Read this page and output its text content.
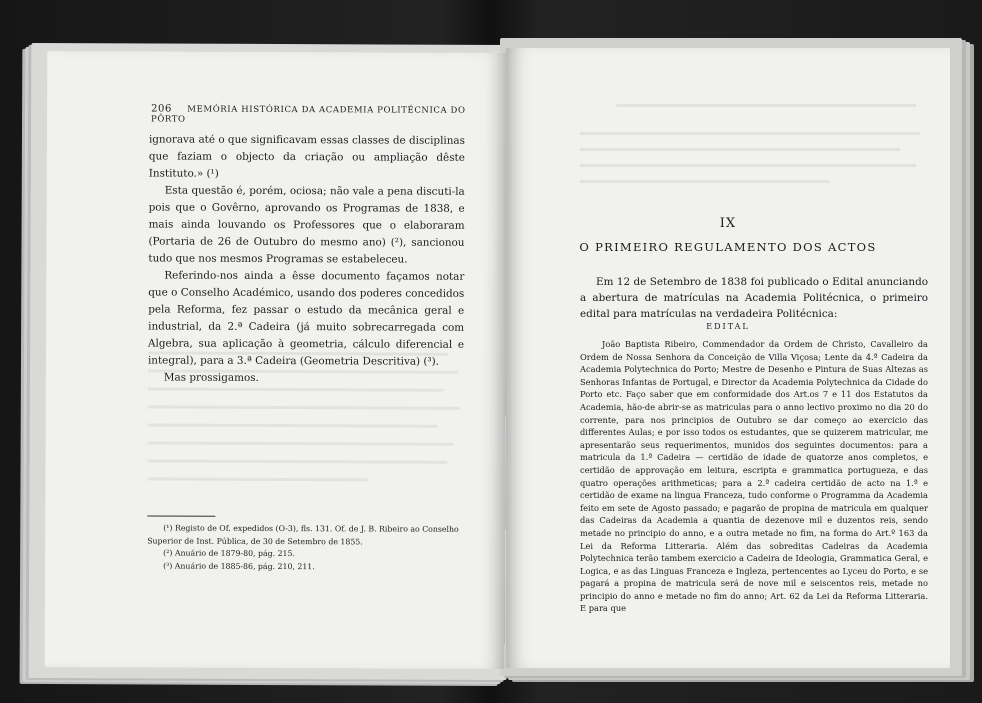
206 MEMÓRIA HISTÓRICA DA ACADEMIA POLITÉCNICA DO PÔRTO

ignorava até o que significavam essas classes de disciplinas que faziam o objecto da criação ou ampliação dêste Instituto.» (¹)

Esta questão é, porém, ociosa; não vale a pena discuti-la pois que o Govêrno, aprovando os Programas de 1838, e mais ainda louvando os Professores que o elaboraram (Portaria de 26 de Outubro do mesmo ano) (²), sancionou tudo que nos mesmos Programas se estabeleceu.

Referindo-nos ainda a êsse documento façamos notar que o Conselho Académico, usando dos poderes concedidos pela Reforma, fez passar o estudo da mecânica geral e industrial, da 2.ª Cadeira (já muito sobrecarregada com Algebra, sua aplicação à geometria, cálculo diferencial e integral), para a 3.ª Cadeira (Geometria Descritiva) (³).

Mas prossigamos.

(¹) Registo de Of. expedidos (O-3), fls. 131. Of. de J. B. Ribeiro ao Conselho Superior de Inst. Pública, de 30 de Setembro de 1855.

(²) Anuário de 1879-80, pág. 215.

(³) Anuário de 1885-86, pág. 210, 211.

IX
O PRIMEIRO REGULAMENTO DOS ACTOS

Em 12 de Setembro de 1838 foi publicado o Edital anunciando a abertura de matrículas na Academia Politécnica, o primeiro edital para matrículas na verdadeira Politécnica:

EDITAL

João Baptista Ribeiro, Commendador da Ordem de Christo, Cavalleiro da Ordem de Nossa Senhora da Conceição de Villa Viçosa; Lente da 4.ª Cadeira da Academia Polytechnica do Porto; Mestre de Desenho e Pintura de Suas Altezas as Senhoras Infantas de Portugal, e Director da Academia Polytechnica da Cidade do Porto etc. Faço saber que em conformidade dos Art.os 7 e 11 dos Estatutos da Academia, hão-de abrir-se as matriculas para o anno lectivo proximo no dia 20 do corrente, para nos principios de Outubro se dar começo ao exercicio das differentes Aulas; e por isso todos os estudantes, que se quizerem matricular, me apresentarão seus requerimentos, munidos dos seguintes documentos: para a matricula da 1.ª Cadeira — certidão de idade de quatorze anos completos, e certidão de approvação em leitura, escripta e grammatica portugueza, e das quatro operações arithmeticas; para a 2.ª cadeira certidão de acto na 1.ª e certidão de exame na lingua Franceza, tudo conforme o Programma da Academia feito em sete de Agosto passado; e pagarão de propina de matricula em qualquer das Cadeiras da Academia a quantia de dezenove mil e duzentos reis, sendo metade no principio do anno, e a outra metade no fim, na forma do Art.º 163 da Lei da Reforma Litteraria. Além das sobreditas Cadeiras da Academia Polytechnica terão tambem exercicio a Cadeira de Ideologia, Grammatica Geral, e Logica, e as das Linguas Franceza e Ingleza, pertencentes ao Lyceu do Porto, e se pagará a propina de matricula será de nove mil e seiscentos reis, metade no principio do anno e metade no fim do anno; Art. 62 da Lei da Reforma Litteraria. E para que
